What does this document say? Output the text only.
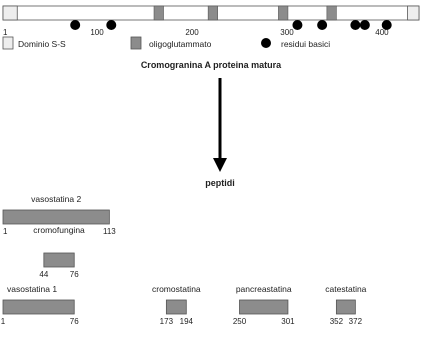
1	100	200	300	400
Dominio S-S	oligoglutammato	residui basici
Cromogranina A proteina matura
peptidi
vasostatina 2
1	113
cromofungina
44	76
vasostatina 1
1	76
cromostatina
173 194
pancreastatina
250	301
catestatina
352 372
